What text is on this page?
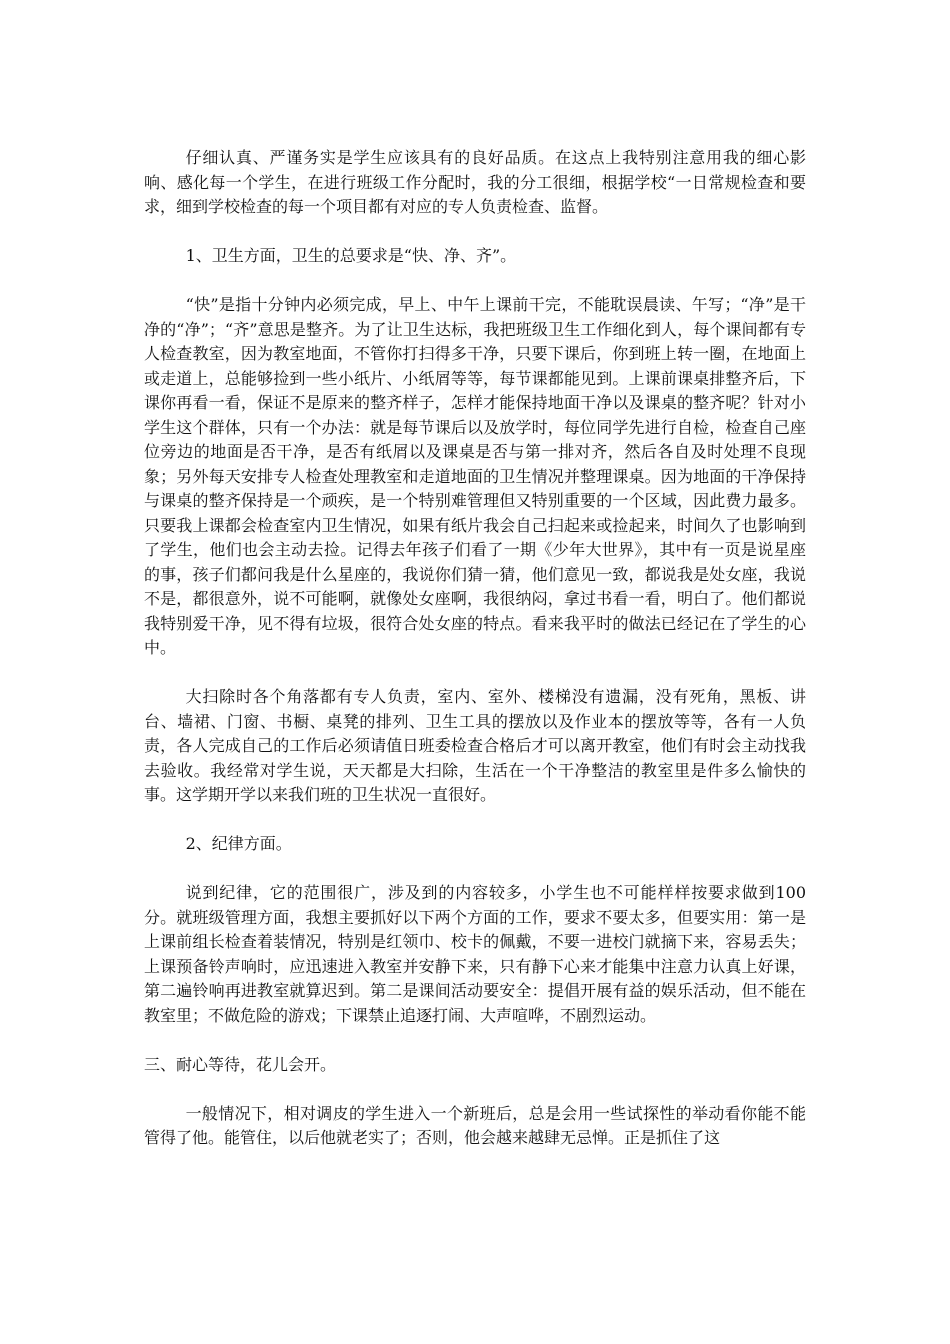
仔细认真、严谨务实是学生应该具有的良好品质。在这点上我特别注意用我的细心影响、感化每一个学生，在进行班级工作分配时，我的分工很细，根据学校“一日常规检查和要求，细到学校检查的每一个项目都有对应的专人负责检查、监督。

1、卫生方面，卫生的总要求是“快、净、齐”。

“快”是指十分钟内必须完成，早上、中午上课前干完，不能耽误晨读、午写；“净”是干净的“净”；“齐”意思是整齐。为了让卫生达标，我把班级卫生工作细化到人，每个课间都有专人检查教室，因为教室地面，不管你打扫得多干净，只要下课后，你到班上转一圈，在地面上或走道上，总能够捡到一些小纸片、小纸屑等等，每节课都能见到。上课前课桌排整齐后，下课你再看一看，保证不是原来的整齐样子，怎样才能保持地面干净以及课桌的整齐呢？针对小学生这个群体，只有一个办法：就是每节课后以及放学时，每位同学先进行自检，检查自己座位旁边的地面是否干净，是否有纸屑以及课桌是否与第一排对齐，然后各自及时处理不良现象；另外每天安排专人检查处理教室和走道地面的卫生情况并整理课桌。因为地面的干净保持与课桌的整齐保持是一个顽疾，是一个特别难管理但又特别重要的一个区域，因此费力最多。只要我上课都会检查室内卫生情况，如果有纸片我会自己扫起来或捡起来，时间久了也影响到了学生，他们也会主动去捡。记得去年孩子们看了一期《少年大世界》，其中有一页是说星座的事，孩子们都问我是什么星座的，我说你们猜一猜，他们意见一致，都说我是处女座，我说不是，都很意外，说不可能啊，就像处女座啊，我很纳闷，拿过书看一看，明白了。他们都说我特别爱干净，见不得有垃圾，很符合处女座的特点。看来我平时的做法已经记在了学生的心中。

大扫除时各个角落都有专人负责，室内、室外、楼梯没有遗漏，没有死角，黑板、讲台、墙裙、门窗、书橱、桌凳的排列、卫生工具的摆放以及作业本的摆放等等，各有一人负责，各人完成自己的工作后必须请值日班委检查合格后才可以离开教室，他们有时会主动找我去验收。我经常对学生说，天天都是大扫除，生活在一个干净整洁的教室里是件多么愉快的事。这学期开学以来我们班的卫生状况一直很好。

2、纪律方面。

说到纪律，它的范围很广，涉及到的内容较多，小学生也不可能样样按要求做到100分。就班级管理方面，我想主要抓好以下两个方面的工作，要求不要太多，但要实用：第一是上课前组长检查着装情况，特别是红领巾、校卡的佩戴，不要一进校门就摘下来，容易丢失；上课预备铃声响时，应迅速进入教室并安静下来，只有静下心来才能集中注意力认真上好课，第二遍铃响再进教室就算迟到。第二是课间活动要安全：提倡开展有益的娱乐活动，但不能在教室里；不做危险的游戏；下课禁止追逐打闹、大声喧哗，不剧烈运动。

三、耐心等待，花儿会开。

一般情况下，相对调皮的学生进入一个新班后，总是会用一些试探性的举动看你能不能管得了他。能管住，以后他就老实了；否则，他会越来越肆无忌惮。正是抓住了这
